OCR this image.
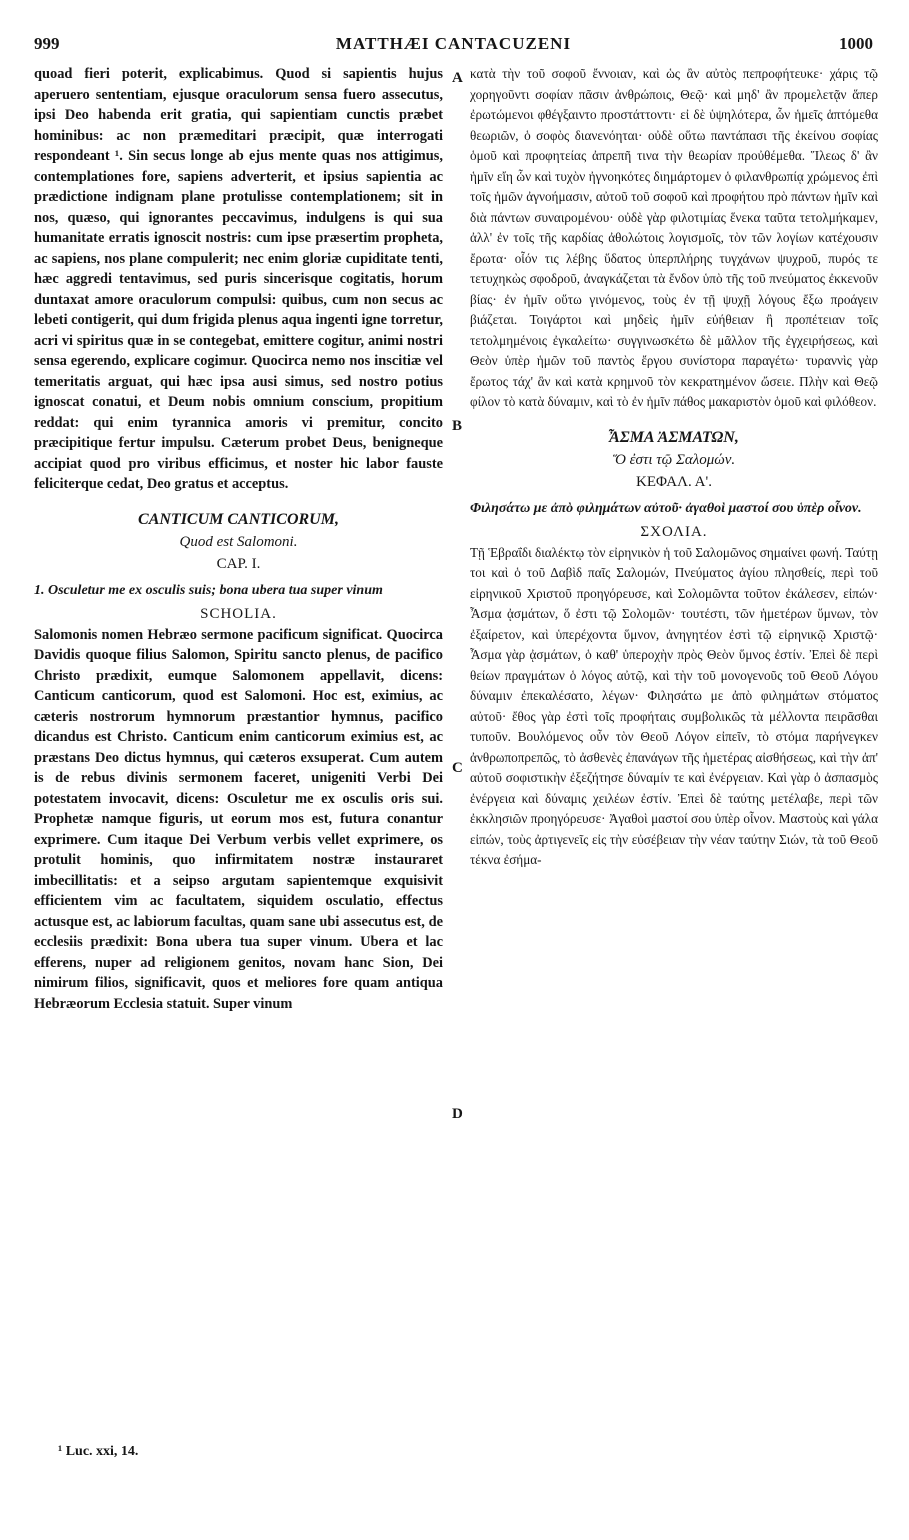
999	MATTHÆI CANTACUZENI	1000

quoad fieri poterit, explicabimus. Quod si sapientis hujus aperuero sententiam, ejusque oraculorum sensa fuero assecutus, ipsi Deo habenda erit gratia, qui sapientiam cunctis præbet hominibus: ac non præmeditari præcipit, quæ interrogati respondeant ¹. Sin secus longe ab ejus mente quas nos attigimus, contemplationes fore, sapiens adverterit, et ipsius sapientia ac prædictione indignam plane protulisse contemplationem; sit in nos, quæso, qui ignorantes peccavimus, indulgens is qui sua humanitate erratis ignoscit nostris: cum ipse præsertim propheta, ac sapiens, nos plane compulerit; nec enim gloriæ cupiditate tenti, hæc aggredi tentavimus, sed puris sincerisque cogitatis, horum duntaxat amore oraculorum compulsi: quibus, cum non secus ac lebeti contigerit, qui dum frigida plenus aqua ingenti igne torretur, acri vi spiritus quæ in se contegebat, emittere cogitur, animi nostri sensa egerendo, explicare cogimur. Quocirca nemo nos inscitiæ vel temeritatis arguat, qui hæc ipsa ausi simus, sed nostro potius ignoscat conatui, et Deum nobis omnium conscium, propitium reddat: qui enim tyrannica amoris vi premitur, concito præcipitique fertur impulsu. Cæterum probet Deus, benigneque accipiat quod pro viribus efficimus, et noster hic labor fauste feliciterque cedat, Deo gratus et acceptus.

CANTICUM CANTICORUM,

Quod est Salomoni.

CAP. I.

1. Osculetur me ex osculis suis; bona ubera tua super vinum

SCHOLIA.

Salomonis nomen Hebræo sermone pacificum significat. Quocirca Davidis quoque filius Salomon, Spiritu sancto plenus, de pacifico Christo prædixit, eumque Salomonem appellavit, dicens: Canticum canticorum, quod est Salomoni. Hoc est, eximius, ac cæteris nostrorum hymnorum præstantior hymnus, pacifico dicandus est Christo. Canticum enim canticorum eximius est, ac præstans Deo dictus hymnus, qui cæteros exsuperat. Cum autem is de rebus divinis sermonem faceret, unigeniti Verbi Dei potestatem invocavit, dicens: Osculetur me ex osculis oris sui. Prophetæ namque figuris, ut eorum mos est, futura conantur exprimere. Cum itaque Dei Verbum verbis vellet exprimere, os protulit hominis, quo infirmitatem nostræ instauraret imbecillitatis: et a seipso argutam sapientemque exquisivit efficientem vim ac facultatem, siquidem osculatio, effectus actusque est, ac labiorum facultas, quam sane ubi assecutus est, de ecclesiis prædixit: Bona ubera tua super vinum. Ubera et lac efferens, nuper ad religionem genitos, novam hanc Sion, Dei nimirum filios, significavit, quos et meliores fore quam antiqua Hebræorum Ecclesia statuit. Super vinum

κατὰ τὴν τοῦ σοφοῦ ἔννοιαν, καὶ ὡς ἂν αὐτὸς πεπροφήτευκε· χάρις τῷ χορηγοῦντι σοφίαν πᾶσιν ἀνθρώποις, Θεῷ· καὶ μηδ' ἂν προμελετᾷν ἅπερ ἐρωτώμενοι φθέγξαιντο προστάττοντι· εἰ δὲ ὑψηλότερα, ὧν ἡμεῖς ἁπτόμεθα θεωριῶν, ὁ σοφὸς διανενόηται· οὐδὲ οὕτω παντάπασι τῆς ἐκείνου σοφίας ὁμοῦ καὶ προφητείας ἀπρεπῆ τινα τὴν θεωρίαν προὐθέμεθα. Ἵλεως δ' ἂν ἡμῖν εἴη ὧν καὶ τυχὸν ἠγνοηκότες διημάρτομεν ὁ φιλανθρωπίᾳ χρώμενος ἐπὶ τοῖς ἡμῶν ἀγνοήμασιν, αὐτοῦ τοῦ σοφοῦ καὶ προφήτου πρὸ πάντων ἡμῖν καὶ διὰ πάντων συναιρομένου· οὐδὲ γὰρ φιλοτιμίας ἕνεκα ταῦτα τετολμήκαμεν, ἀλλ' ἐν τοῖς τῆς καρδίας ἀθολώτοις λογισμοῖς, τὸν τῶν λογίων κατέχουσιν ἔρωτα· οἷόν τις λέβης ὕδατος ὑπερπλήρης τυγχάνων ψυχροῦ, πυρός τε τετυχηκὼς σφοδροῦ, ἀναγκάζεται τὰ ἔνδον ὑπὸ τῆς τοῦ πνεύματος ἐκκενοῦν βίας· ἐν ἡμῖν οὕτω γινόμενος, τοὺς ἐν τῇ ψυχῇ λόγους ἔξω προάγειν βιάζεται. Τοιγάρτοι καὶ μηδεὶς ἡμῖν εὐήθειαν ἢ προπέτειαν τοῖς τετολμημένοις ἐγκαλείτω· συγγινωσκέτω δὲ μᾶλλον τῆς ἐγχειρήσεως, καὶ Θεὸν ὑπὲρ ἡμῶν τοῦ παντὸς ἔργου συνίστορα παραγέτω· τυραννὶς γὰρ ἔρωτος τάχ' ἂν καὶ κατὰ κρημνοῦ τὸν κεκρατημένον ὤσειε. Πλὴν καὶ Θεῷ φίλον τὸ κατὰ δύναμιν, καὶ τὸ ἐν ἡμῖν πάθος μακαριστὸν ὁμοῦ καὶ φιλόθεον.

ἎΣΜΑ ἈΣΜΑΤΩΝ,

Ὅ ἐστι τῷ Σαλομών.

ΚΕΦΑΛ. Α'.

Φιλησάτω με ἀπὸ φιλημάτων αὐτοῦ· ἀγαθοὶ μαστοί σου ὑπὲρ οἶνον.

ΣΧΟΛΙΑ.

Τῇ Ἑβραΐδι διαλέκτῳ τὸν εἰρηνικὸν ἡ τοῦ Σαλομῶνος σημαίνει φωνή. Ταύτῃ τοι καὶ ὁ τοῦ Δαβὶδ παῖς Σαλομών, Πνεύματος ἁγίου πλησθείς, περὶ τοῦ εἰρηνικοῦ Χριστοῦ προηγόρευσε, καὶ Σολομῶντα τοῦτον ἐκάλεσεν, εἰπών· Ἆσμα ᾀσμάτων, ὅ ἐστι τῷ Σολομῶν· τουτέστι, τῶν ἡμετέρων ὕμνων, τὸν ἐξαίρετον, καὶ ὑπερέχοντα ὕμνον, ἀνηγητέον ἐστὶ τῷ εἰρηνικῷ Χριστῷ· Ἆσμα γὰρ ᾀσμάτων, ὁ καθ' ὑπεροχὴν πρὸς Θεὸν ὕμνος ἐστίν. Ἐπεὶ δὲ περὶ θείων πραγμάτων ὁ λόγος αὐτῷ, καὶ τὴν τοῦ μονογενοῦς τοῦ Θεοῦ Λόγου δύναμιν ἐπεκαλέσατο, λέγων· Φιλησάτω με ἀπὸ φιλημάτων στόματος αὐτοῦ· ἔθος γὰρ ἐστὶ τοῖς προφήταις συμβολικῶς τὰ μέλλοντα πειρᾶσθαι τυποῦν. Βουλόμενος οὖν τὸν Θεοῦ Λόγον εἰπεῖν, τὸ στόμα παρήνεγκεν ἀνθρωποπρεπῶς, τὸ ἀσθενὲς ἐπανάγων τῆς ἡμετέρας αἰσθήσεως, καὶ τὴν ἀπ' αὐτοῦ σοφιστικὴν ἐξεζήτησε δύναμίν τε καὶ ἐνέργειαν. Καὶ γὰρ ὁ ἀσπασμὸς ἐνέργεια καὶ δύναμις χειλέων ἐστίν. Ἐπεὶ δὲ ταύτης μετέλαβε, περὶ τῶν ἐκκλησιῶν προηγόρευσε· Ἀγαθοὶ μαστοί σου ὑπὲρ οἶνον. Μαστοὺς καὶ γάλα εἰπών, τοὺς ἀρτιγενεῖς εἰς τὴν εὐσέβειαν τὴν νέαν ταύτην Σιών, τὰ τοῦ Θεοῦ τέκνα ἐσήμα-

A
B
C
D
¹ Luc. xxi, 14.
